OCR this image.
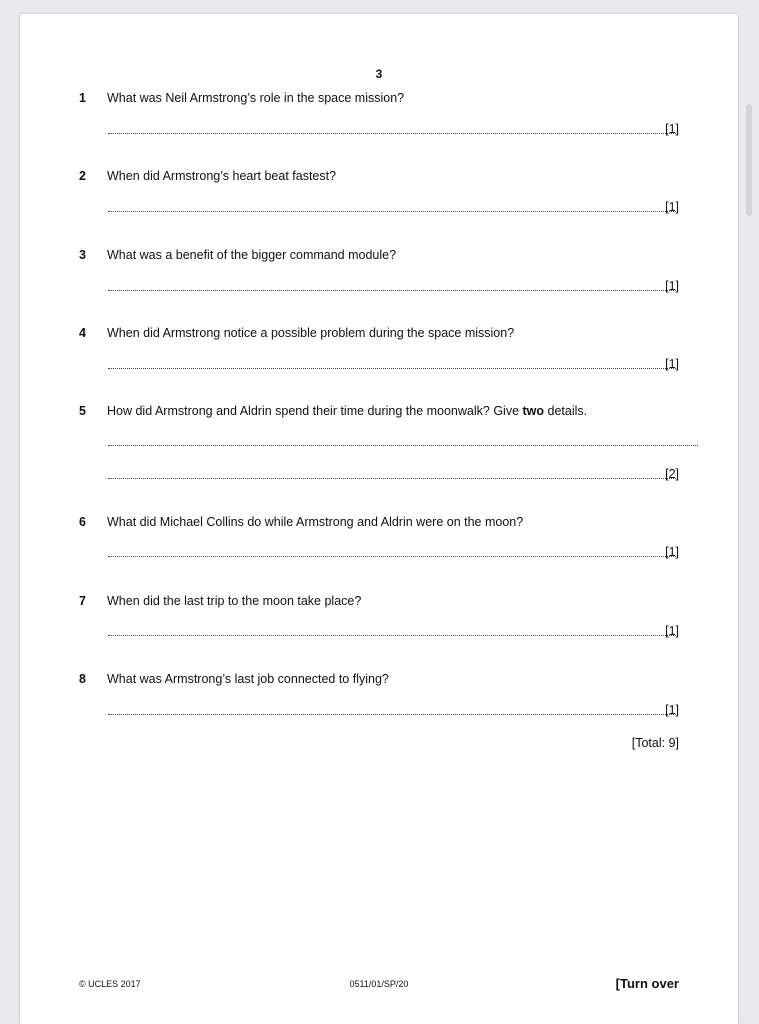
3
1 What was Neil Armstrong’s role in the space mission?
[1]
2 When did Armstrong’s heart beat fastest?
[1]
3 What was a benefit of the bigger command module?
[1]
4 When did Armstrong notice a possible problem during the space mission?
[1]
5 How did Armstrong and Aldrin spend their time during the moonwalk? Give two details.
[2]
6 What did Michael Collins do while Armstrong and Aldrin were on the moon?
[1]
7 When did the last trip to the moon take place?
[1]
8 What was Armstrong’s last job connected to flying?
[1]
[Total: 9]
© UCLES 2017	0511/01/SP/20	[Turn over
